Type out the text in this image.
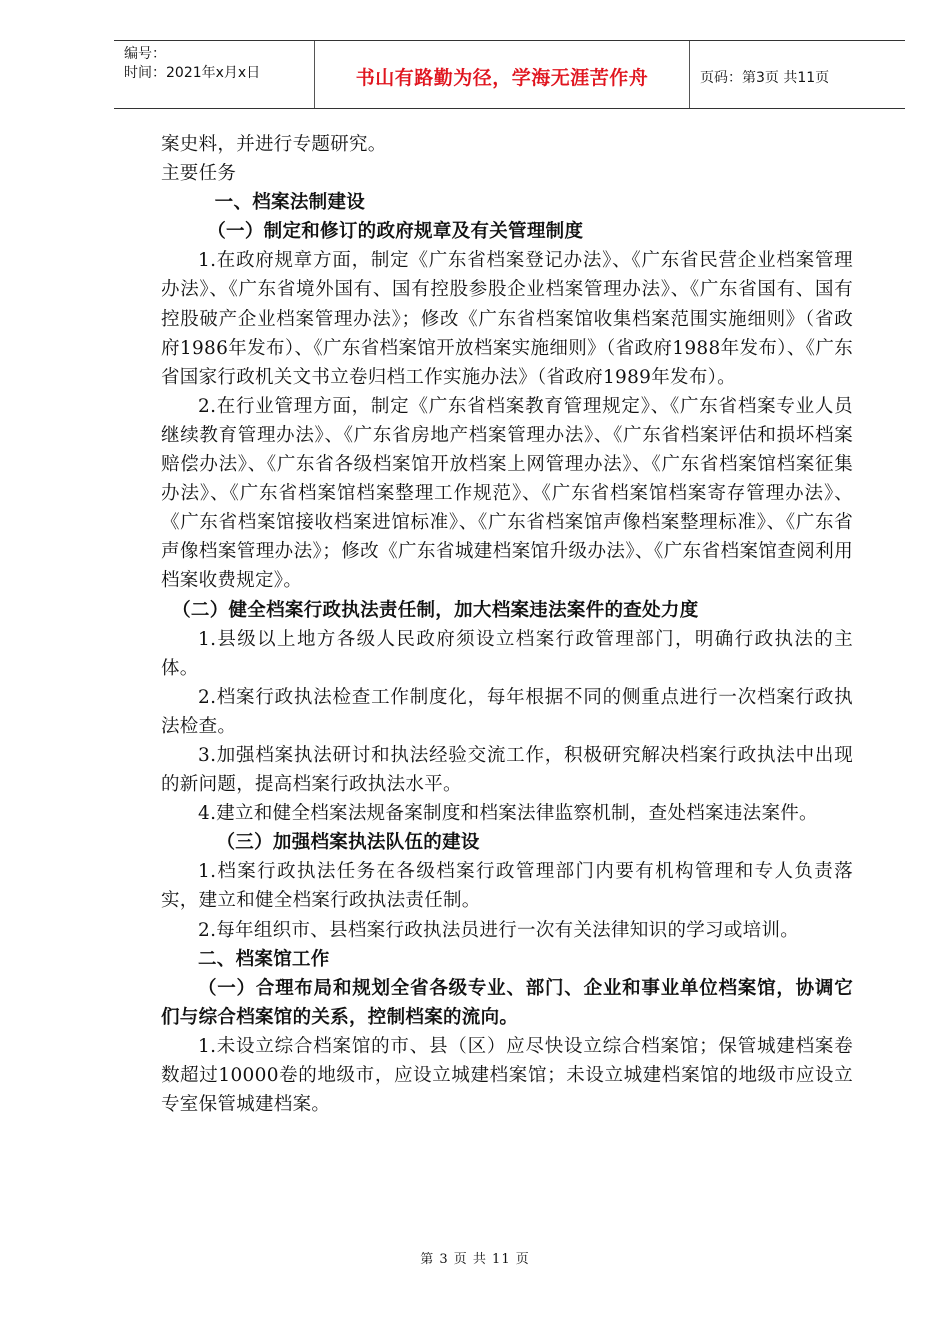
编号：
时间：2021年x月x日	书山有路勤为径，学海无涯苦作舟	页码：第3页 共11页

案史料，并进行专题研究。

主要任务

一、档案法制建设

（一）制定和修订的政府规章及有关管理制度

1.在政府规章方面，制定《广东省档案登记办法》、《广东省民营企业档案管理办法》、《广东省境外国有、国有控股参股企业档案管理办法》、《广东省国有、国有控股破产企业档案管理办法》；修改《广东省档案馆收集档案范围实施细则》（省政府1986年发布）、《广东省档案馆开放档案实施细则》（省政府1988年发布）、《广东省国家行政机关文书立卷归档工作实施办法》（省政府1989年发布）。

2.在行业管理方面，制定《广东省档案教育管理规定》、《广东省档案专业人员继续教育管理办法》、《广东省房地产档案管理办法》、《广东省档案评估和损坏档案赔偿办法》、《广东省各级档案馆开放档案上网管理办法》、《广东省档案馆档案征集办法》、《广东省档案馆档案整理工作规范》、《广东省档案馆档案寄存管理办法》、《广东省档案馆接收档案进馆标准》、《广东省档案馆声像档案整理标准》、《广东省声像档案管理办法》；修改《广东省城建档案馆升级办法》、《广东省档案馆查阅利用档案收费规定》。

（二）健全档案行政执法责任制，加大档案违法案件的查处力度

1.县级以上地方各级人民政府须设立档案行政管理部门，明确行政执法的主体。

2.档案行政执法检查工作制度化，每年根据不同的侧重点进行一次档案行政执法检查。

3.加强档案执法研讨和执法经验交流工作，积极研究解决档案行政执法中出现的新问题，提高档案行政执法水平。

4.建立和健全档案法规备案制度和档案法律监察机制，查处档案违法案件。

（三）加强档案执法队伍的建设

1.档案行政执法任务在各级档案行政管理部门内要有机构管理和专人负责落实，建立和健全档案行政执法责任制。

2.每年组织市、县档案行政执法员进行一次有关法律知识的学习或培训。

二、档案馆工作

（一）合理布局和规划全省各级专业、部门、企业和事业单位档案馆，协调它们与综合档案馆的关系，控制档案的流向。

1.未设立综合档案馆的市、县（区）应尽快设立综合档案馆；保管城建档案卷数超过10000卷的地级市，应设立城建档案馆；未设立城建档案馆的地级市应设立专室保管城建档案。

第 3 页 共 11 页
